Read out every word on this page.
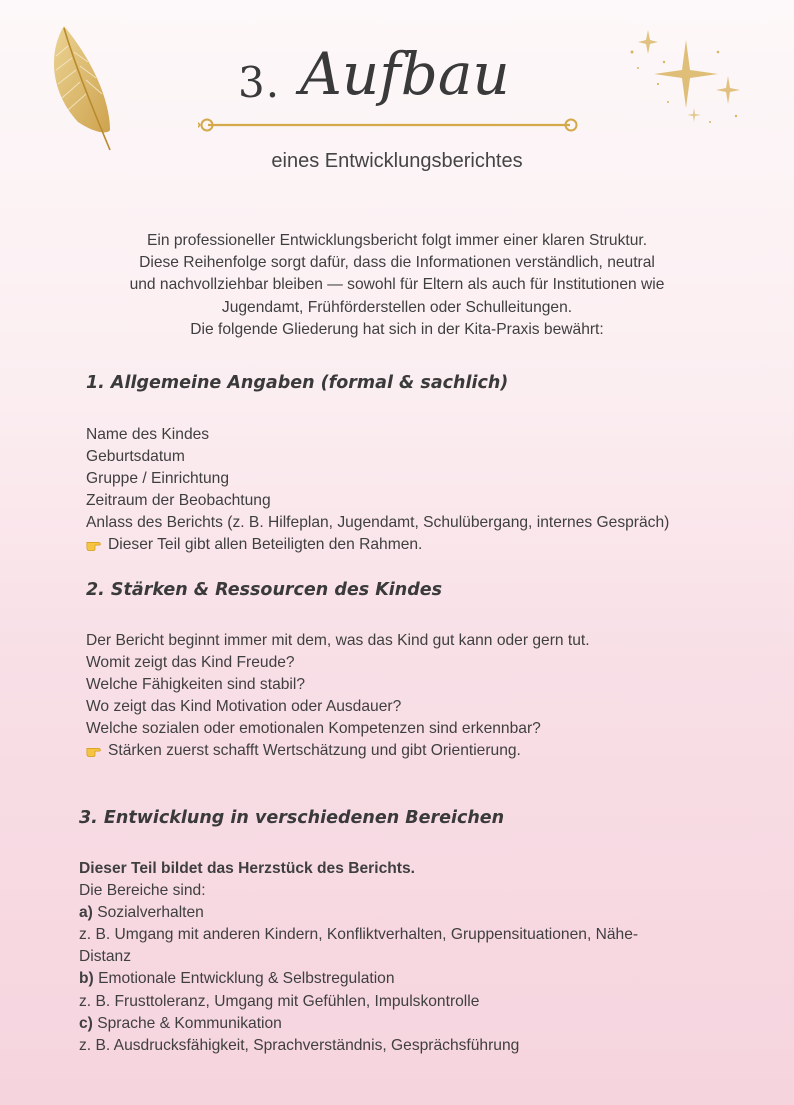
3. Aufbau
eines Entwicklungsberichtes
Ein professioneller Entwicklungsbericht folgt immer einer klaren Struktur.
Diese Reihenfolge sorgt dafür, dass die Informationen verständlich, neutral
und nachvollziehbar bleiben — sowohl für Eltern als auch für Institutionen wie
Jugendamt, Frühförderstellen oder Schulleitungen.
Die folgende Gliederung hat sich in der Kita-Praxis bewährt:
1. Allgemeine Angaben (formal & sachlich)
Name des Kindes
Geburtsdatum
Gruppe / Einrichtung
Zeitraum der Beobachtung
Anlass des Berichts (z. B. Hilfeplan, Jugendamt, Schulübergang, internes Gespräch)
Dieser Teil gibt allen Beteiligten den Rahmen.
2. Stärken & Ressourcen des Kindes
Der Bericht beginnt immer mit dem, was das Kind gut kann oder gern tut.
Womit zeigt das Kind Freude?
Welche Fähigkeiten sind stabil?
Wo zeigt das Kind Motivation oder Ausdauer?
Welche sozialen oder emotionalen Kompetenzen sind erkennbar?
Stärken zuerst schafft Wertschätzung und gibt Orientierung.
3. Entwicklung in verschiedenen Bereichen
Dieser Teil bildet das Herzstück des Berichts.
Die Bereiche sind:
a) Sozialverhalten
z. B. Umgang mit anderen Kindern, Konfliktverhalten, Gruppensituationen, Nähe-
Distanz
b) Emotionale Entwicklung & Selbstregulation
z. B. Frusttoleranz, Umgang mit Gefühlen, Impulskontrolle
c) Sprache & Kommunikation
z. B. Ausdrucksfähigkeit, Sprachverständnis, Gesprächsführung
